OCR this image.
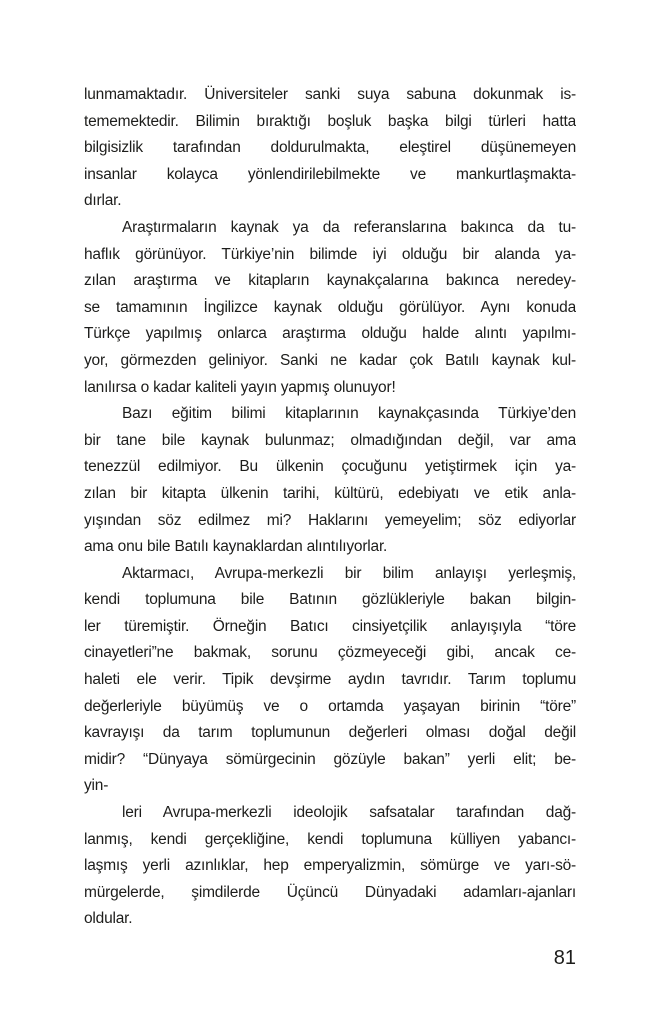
lunmamaktadır. Üniversiteler sanki suya sabuna dokunmak is-
tememektedir. Bilimin bıraktığı boşluk başka bilgi türleri hatta
bilgisizlik tarafından doldurulmakta, eleştirel düşünemeyen
insanlar kolayca yönlendirilebilmekte ve mankurtlaşmakta-
dırlar.

Araştırmaların kaynak ya da referanslarına bakınca da tu-
haflık görünüyor. Türkiye’nin bilimde iyi olduğu bir alanda ya-
zılan araştırma ve kitapların kaynakçalarına bakınca neredey-
se tamamının İngilizce kaynak olduğu görülüyor. Aynı konuda
Türkçe yapılmış onlarca araştırma olduğu halde alıntı yapılmı-
yor, görmezden geliniyor. Sanki ne kadar çok Batılı kaynak kul-
lanılırsa o kadar kaliteli yayın yapmış olunuyor!

Bazı eğitim bilimi kitaplarının kaynakçasında Türkiye’den
bir tane bile kaynak bulunmaz; olmadığından değil, var ama
tenezzül edilmiyor. Bu ülkenin çocuğunu yetiştirmek için ya-
zılan bir kitapta ülkenin tarihi, kültürü, edebiyatı ve etik anla-
yışından söz edilmez mi? Haklarını yemeyelim; söz ediyorlar
ama onu bile Batılı kaynaklardan alıntılıyorlar.

Aktarmacı, Avrupa-merkezli bir bilim anlayışı yerleşmiş,
kendi toplumuna bile Batının gözlükleriyle bakan bilgin-
ler türemiştir. Örneğin Batıcı cinsiyetçilik anlayışıyla “töre
cinayetleri”ne bakmak, sorunu çözmeyeceği gibi, ancak ce-
haleti ele verir. Tipik devşirme aydın tavrıdır. Tarım toplumu
değerleriyle büyümüş ve o ortamda yaşayan birinin “töre”
kavrayışı da tarım toplumunun değerleri olması doğal değil
midir? “Dünyaya sömürgecinin gözüyle bakan” yerli elit; be-
yin-

leri Avrupa-merkezli ideolojik safsatalar tarafından dağ-
lanmış, kendi gerçekliğine, kendi toplumuna külliyen yabancı-
laşmış yerli azınlıklar, hep emperyalizmin, sömürge ve yarı-sö-
mürgelerde, şimdilerde Üçüncü Dünyadaki adamları-ajanları
oldular.

81
